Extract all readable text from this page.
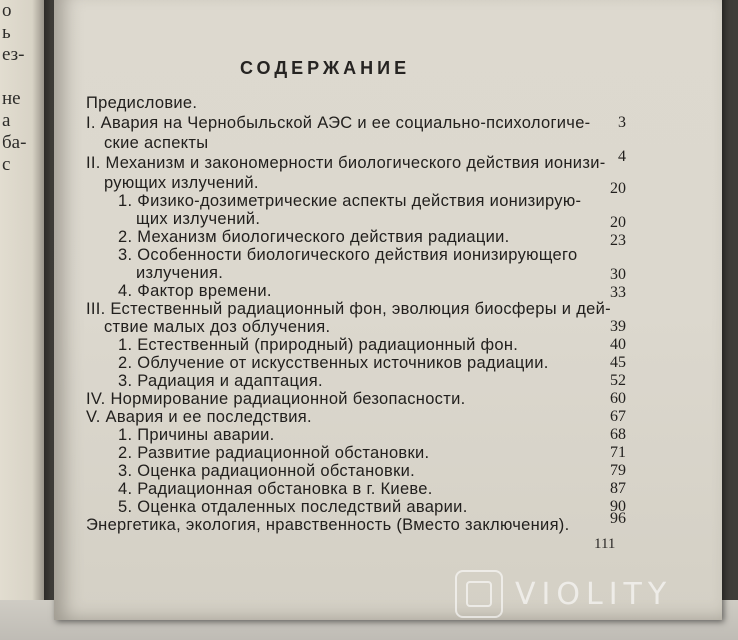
о
ь
ез-
не
а
ба-
с
СОДЕРЖАНИЕ
Предисловие.
I. Авария на Чернобыльской АЭС и ее социально-психологиче-
ские аспекты
II. Механизм и закономерности биологического действия ионизи-
рующих излучений.
1. Физико-дозиметрические аспекты действия ионизирую-
щих излучений.
2. Механизм биологического действия радиации.
3. Особенности биологического действия ионизирующего
излучения.
4. Фактор времени.
III. Естественный радиационный фон, эволюция биосферы и дей-
ствие малых доз облучения.
1. Естественный (природный) радиационный фон.
2. Облучение от искусственных источников радиации.
3. Радиация и адаптация.
IV. Нормирование радиационной безопасности.
V. Авария и ее последствия.
1. Причины аварии.
2. Развитие радиационной обстановки.
3. Оценка радиационной обстановки.
4. Радиационная обстановка в г. Киеве.
5. Оценка отдаленных последствий аварии.
Энергетика, экология, нравственность (Вместо заключения).
3
4
20
20
23
30
33
39
40
45
52
60
67
68
71
79
87
90
96
111
VIOLITY
